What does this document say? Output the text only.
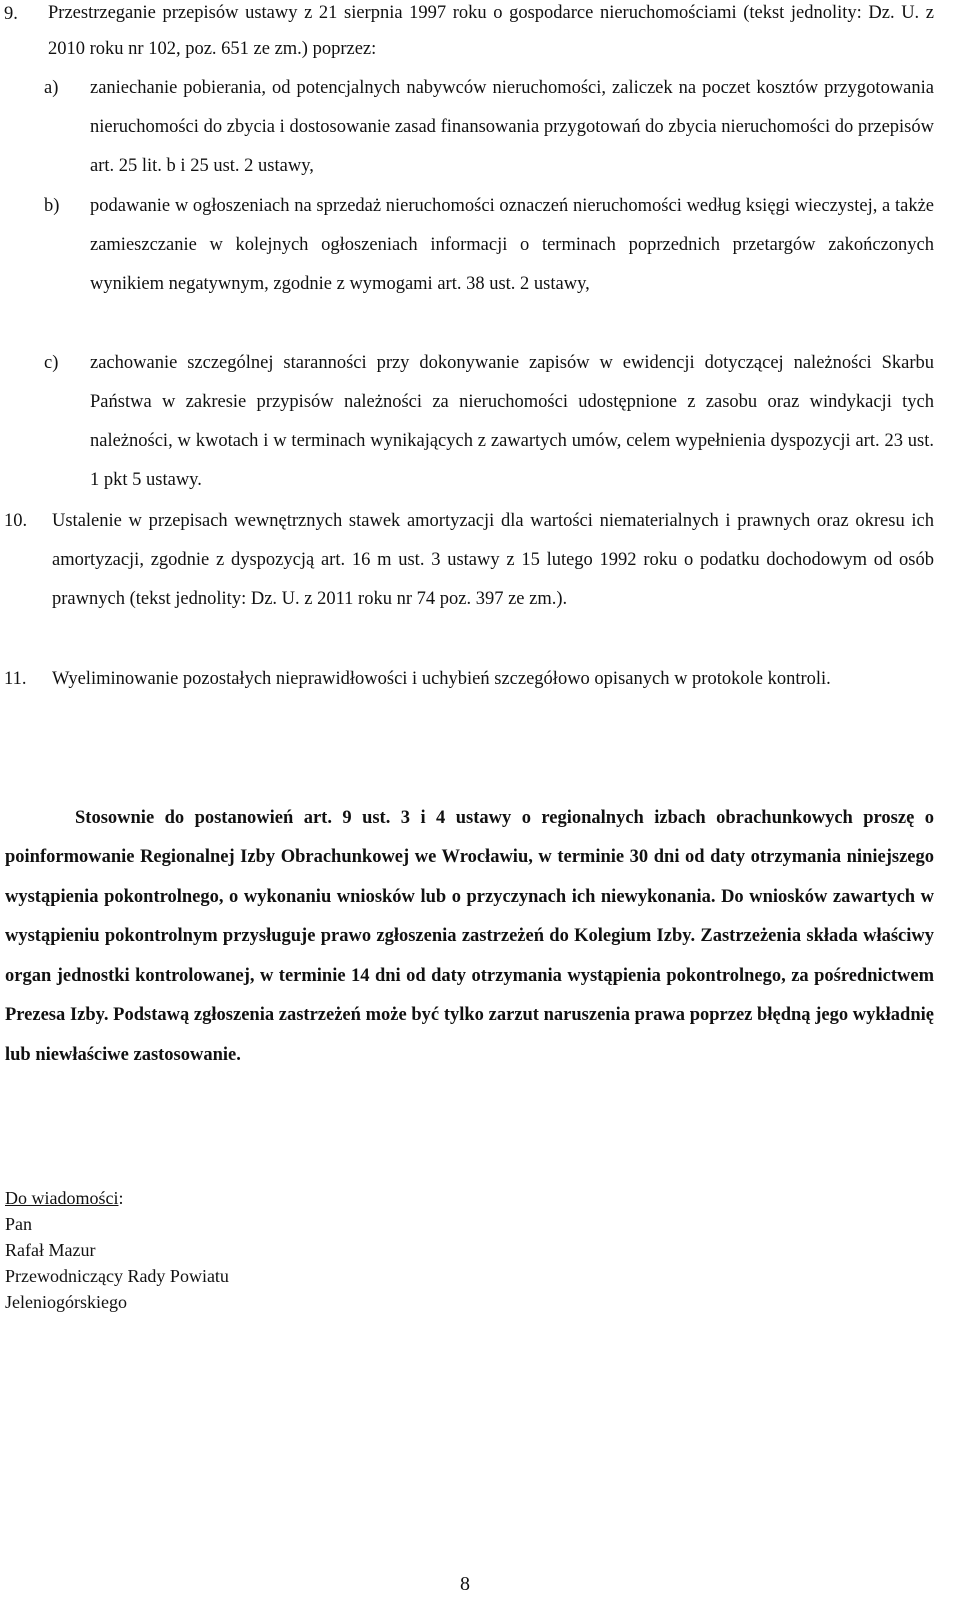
9.	Przestrzeganie przepisów ustawy z 21 sierpnia 1997 roku o gospodarce nieruchomościami (tekst jednolity: Dz. U. z 2010 roku nr 102, poz. 651 ze zm.) poprzez:
a)	zaniechanie pobierania, od potencjalnych nabywców nieruchomości, zaliczek na poczet kosztów przygotowania nieruchomości do zbycia i dostosowanie zasad finansowania przygotowań do zbycia nieruchomości do przepisów art. 25 lit. b i 25 ust. 2 ustawy,
b)	podawanie w ogłoszeniach na sprzedaż nieruchomości oznaczeń nieruchomości według księgi wieczystej, a także zamieszczanie w kolejnych ogłoszeniach informacji o terminach poprzednich przetargów zakończonych wynikiem negatywnym, zgodnie z wymogami art. 38 ust. 2 ustawy,
c)	zachowanie szczególnej staranności przy dokonywanie zapisów w ewidencji dotyczącej należności Skarbu Państwa w zakresie przypisów należności za nieruchomości udostępnione z zasobu oraz windykacji tych należności, w kwotach i w terminach wynikających z zawartych umów, celem wypełnienia dyspozycji art. 23 ust. 1 pkt 5 ustawy.
10.	Ustalenie w przepisach wewnętrznych stawek amortyzacji dla wartości niematerialnych i prawnych oraz okresu ich amortyzacji, zgodnie z dyspozycją art. 16 m ust. 3 ustawy z 15 lutego 1992 roku o podatku dochodowym od osób prawnych (tekst jednolity: Dz. U. z 2011 roku nr 74 poz. 397 ze zm.).
11.	Wyeliminowanie pozostałych nieprawidłowości i uchybień szczegółowo opisanych w protokole kontroli.

Stosownie do postanowień art. 9 ust. 3 i 4 ustawy o regionalnych izbach obrachunkowych proszę o poinformowanie Regionalnej Izby Obrachunkowej we Wrocławiu, w terminie 30 dni od daty otrzymania niniejszego wystąpienia pokontrolnego, o wykonaniu wniosków lub o przyczynach ich niewykonania. Do wniosków zawartych w wystąpieniu pokontrolnym przysługuje prawo zgłoszenia zastrzeżeń do Kolegium Izby. Zastrzeżenia składa właściwy organ jednostki kontrolowanej, w terminie 14 dni od daty otrzymania wystąpienia pokontrolnego, za pośrednictwem Prezesa Izby. Podstawą zgłoszenia zastrzeżeń może być tylko zarzut naruszenia prawa poprzez błędną jego wykładnię lub niewłaściwe zastosowanie.

Do wiadomości:
Pan
Rafał Mazur
Przewodniczący Rady Powiatu
Jeleniogórskiego
8
